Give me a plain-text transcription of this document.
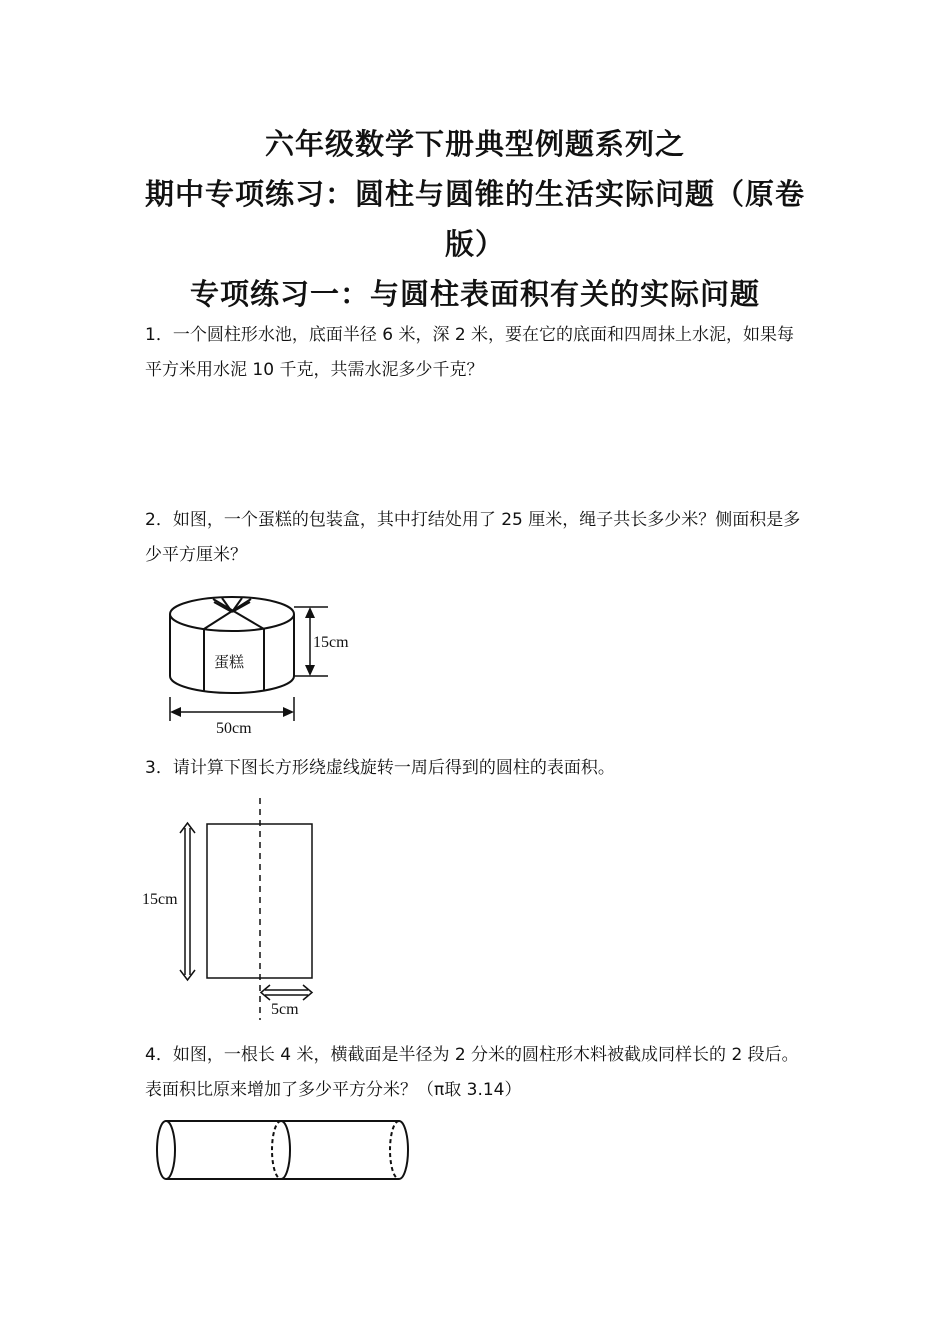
六年级数学下册典型例题系列之
期中专项练习：圆柱与圆锥的生活实际问题（原卷
版）
专项练习一：与圆柱表面积有关的实际问题
1．一个圆柱形水池，底面半径 6 米，深 2 米，要在它的底面和四周抹上水泥，如果每平方米用水泥 10 千克，共需水泥多少千克？
2．如图，一个蛋糕的包装盒，其中打结处用了 25 厘米，绳子共长多少米？侧面积是多少平方厘米？
蛋糕
15cm
50cm
3．请计算下图长方形绕虚线旋转一周后得到的圆柱的表面积。
15cm
5cm
4．如图，一根长 4 米，横截面是半径为 2 分米的圆柱形木料被截成同样长的 2 段后。表面积比原来增加了多少平方分米？（π取 3.14）
